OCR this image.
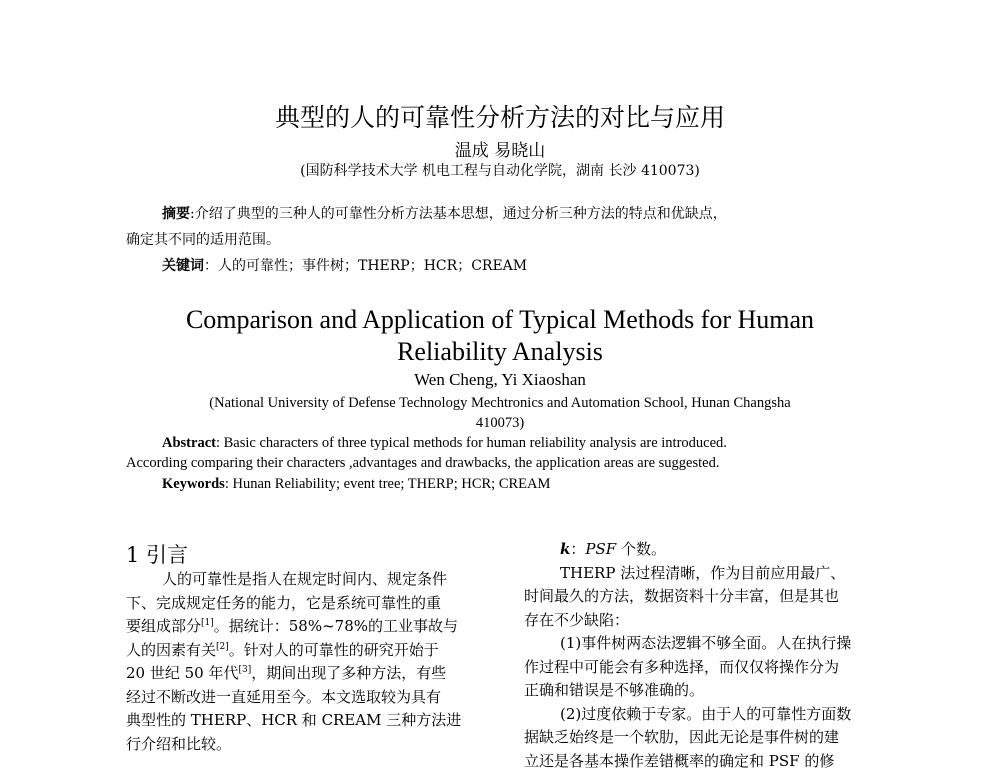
典型的人的可靠性分析方法的对比与应用
温成 易晓山
(国防科学技术大学 机电工程与自动化学院，湖南 长沙 410073)
摘要:介绍了典型的三种人的可靠性分析方法基本思想，通过分析三种方法的特点和优缺点，
确定其不同的适用范围。
关键词：人的可靠性；事件树；THERP；HCR；CREAM
Comparison and Application of Typical Methods for Human
Reliability Analysis
Wen Cheng, Yi Xiaoshan
(National University of Defense Technology Mechtronics and Automation School, Hunan Changsha
410073)
Abstract: Basic characters of three typical methods for human reliability analysis are introduced.
According comparing their characters ,advantages and drawbacks, the application areas are suggested.
Keywords: Hunan Reliability; event tree; THERP; HCR; CREAM
1 引言
人的可靠性是指人在规定时间内、规定条件
下、完成规定任务的能力，它是系统可靠性的重
要组成部分[1]。据统计：58%~78%的工业事故与
人的因素有关[2]。针对人的可靠性的研究开始于
20 世纪 50 年代[3]，期间出现了多种方法，有些
经过不断改进一直延用至今。本文选取较为具有
典型性的 THERP、HCR 和 CREAM 三种方法进
行介绍和比较。
k：PSF 个数。
THERP 法过程清晰，作为目前应用最广、
时间最久的方法，数据资料十分丰富，但是其也
存在不少缺陷：
(1)事件树两态法逻辑不够全面。人在执行操
作过程中可能会有多种选择，而仅仅将操作分为
正确和错误是不够准确的。
(2)过度依赖于专家。由于人的可靠性方面数
据缺乏始终是一个软肋，因此无论是事件树的建
立还是各基本操作差错概率的确定和 PSF 的修
